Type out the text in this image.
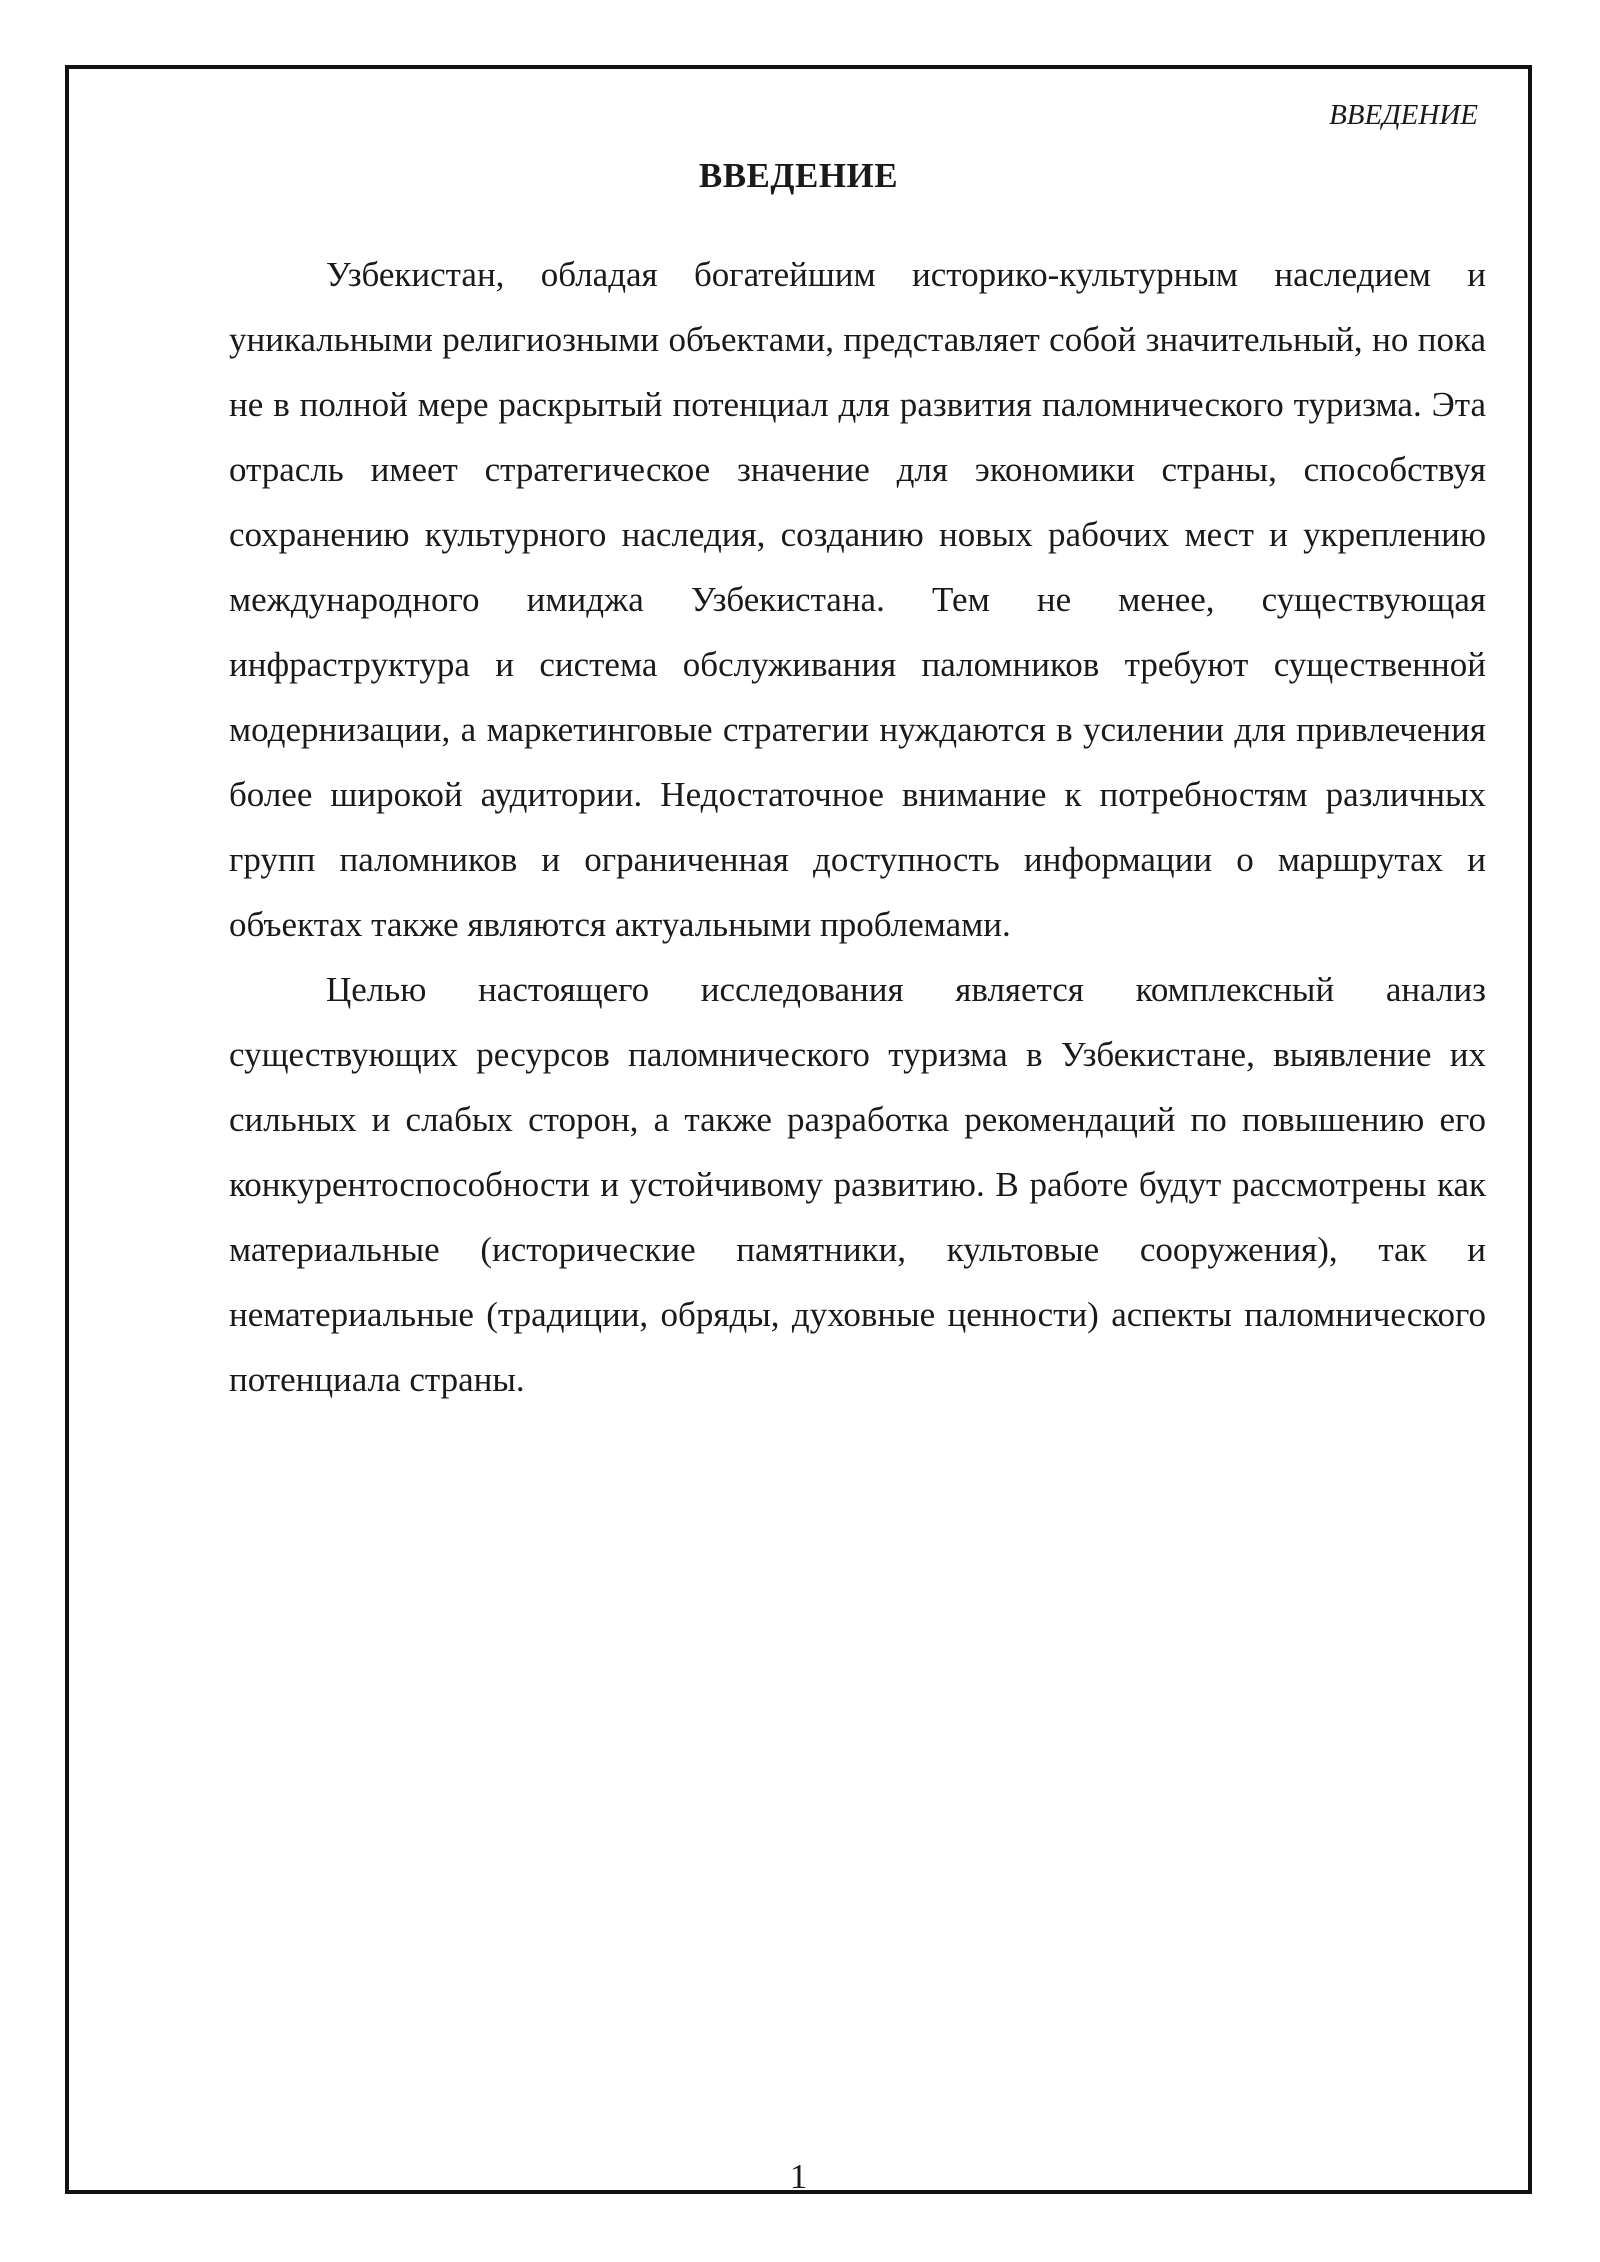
ВВЕДЕНИЕ
ВВЕДЕНИЕ

Узбекистан, обладая богатейшим историко-культурным наследием и уникальными религиозными объектами, представляет собой значительный, но пока не в полной мере раскрытый потенциал для развития паломнического туризма. Эта отрасль имеет стратегическое значение для экономики страны, способствуя сохранению культурного наследия, созданию новых рабочих мест и укреплению международного имиджа Узбекистана. Тем не менее, существующая инфраструктура и система обслуживания паломников требуют существенной модернизации, а маркетинговые стратегии нуждаются в усилении для привлечения более широкой аудитории. Недостаточное внимание к потребностям различных групп паломников и ограниченная доступность информации о маршрутах и объектах также являются актуальными проблемами.

Целью настоящего исследования является комплексный анализ существующих ресурсов паломнического туризма в Узбекистане, выявление их сильных и слабых сторон, а также разработка рекомендаций по повышению его конкурентоспособности и устойчивому развитию. В работе будут рассмотрены как материальные (исторические памятники, культовые сооружения), так и нематериальные (традиции, обряды, духовные ценности) аспекты паломнического потенциала страны.

1
